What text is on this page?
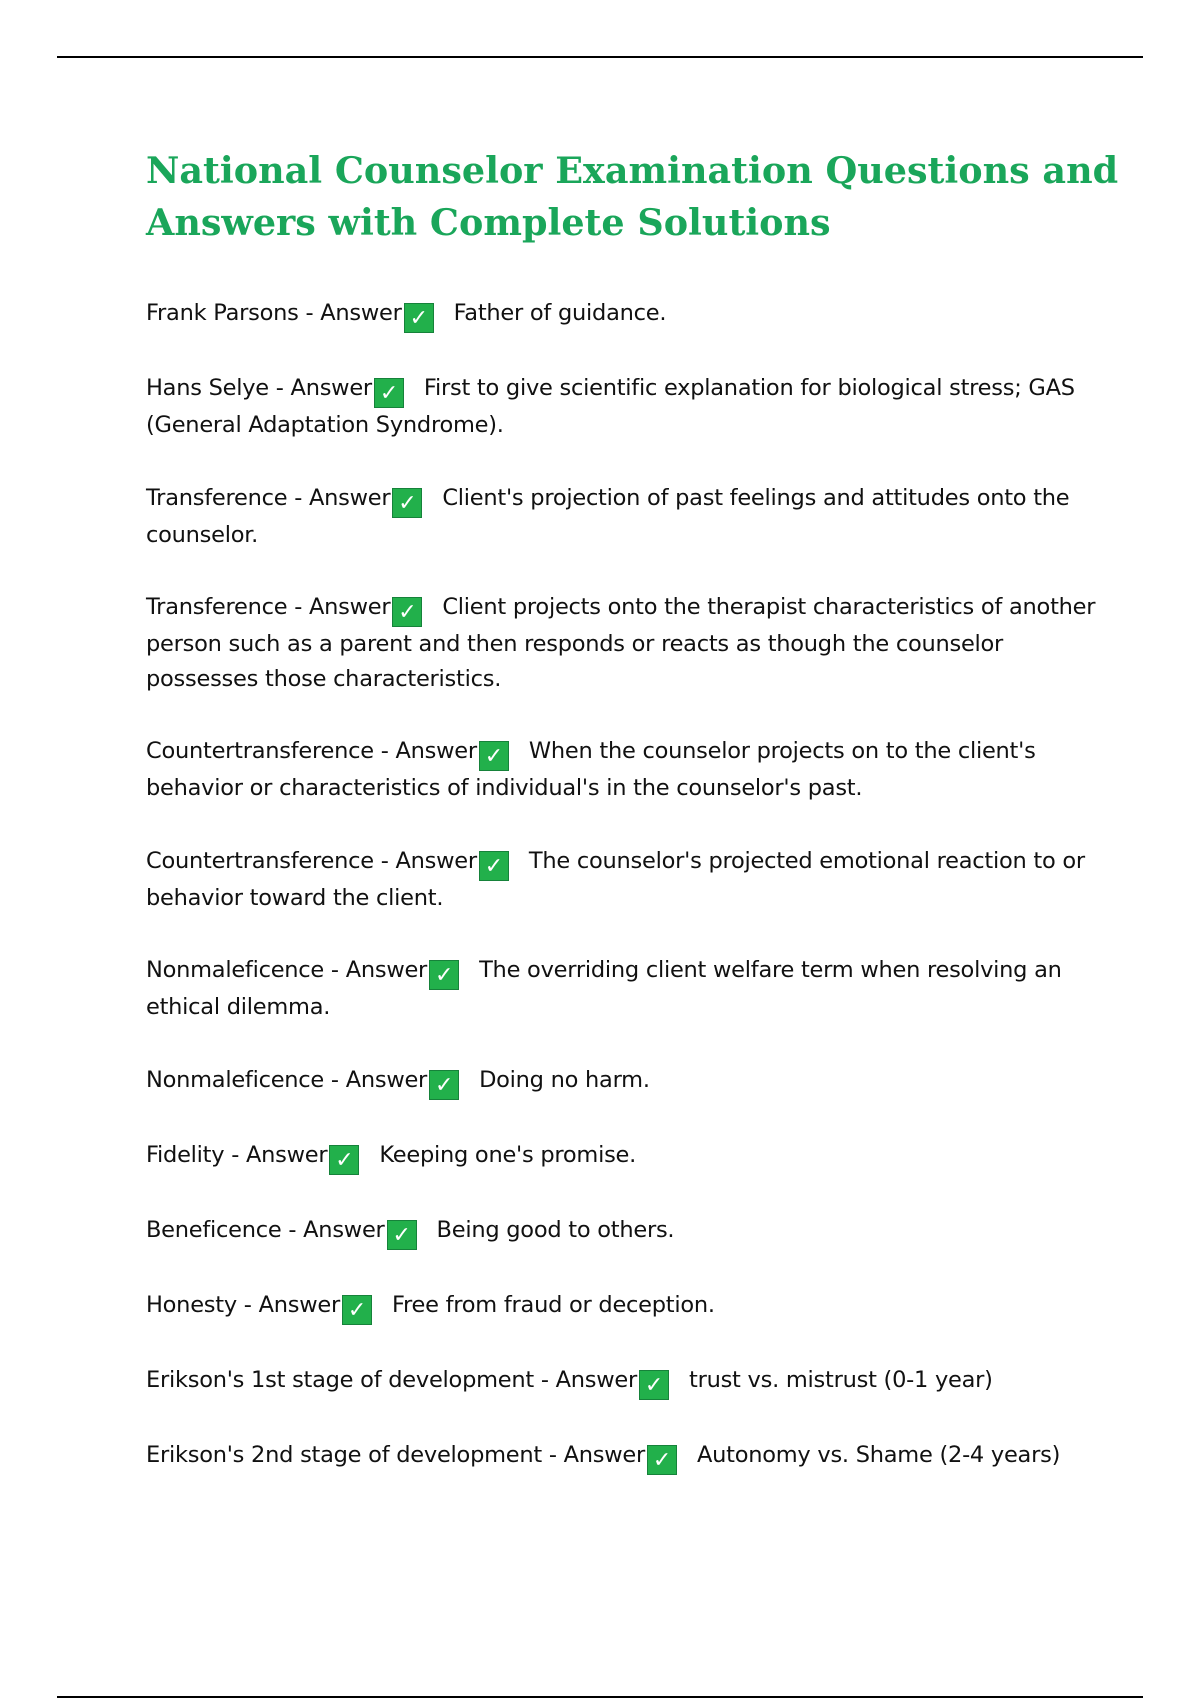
National Counselor Examination Questions and Answers with Complete Solutions

Frank Parsons - Answer ✓ Father of guidance.

Hans Selye - Answer ✓ First to give scientific explanation for biological stress; GAS (General Adaptation Syndrome).

Transference - Answer ✓ Client's projection of past feelings and attitudes onto the counselor.

Transference - Answer ✓ Client projects onto the therapist characteristics of another person such as a parent and then responds or reacts as though the counselor possesses those characteristics.

Countertransference - Answer ✓ When the counselor projects on to the client's behavior or characteristics of individual's in the counselor's past.

Countertransference - Answer ✓ The counselor's projected emotional reaction to or behavior toward the client.

Nonmaleficence - Answer ✓ The overriding client welfare term when resolving an ethical dilemma.

Nonmaleficence - Answer ✓ Doing no harm.

Fidelity - Answer ✓ Keeping one's promise.

Beneficence - Answer ✓ Being good to others.

Honesty - Answer ✓ Free from fraud or deception.

Erikson's 1st stage of development - Answer ✓ trust vs. mistrust (0-1 year)

Erikson's 2nd stage of development - Answer ✓ Autonomy vs. Shame (2-4 years)
